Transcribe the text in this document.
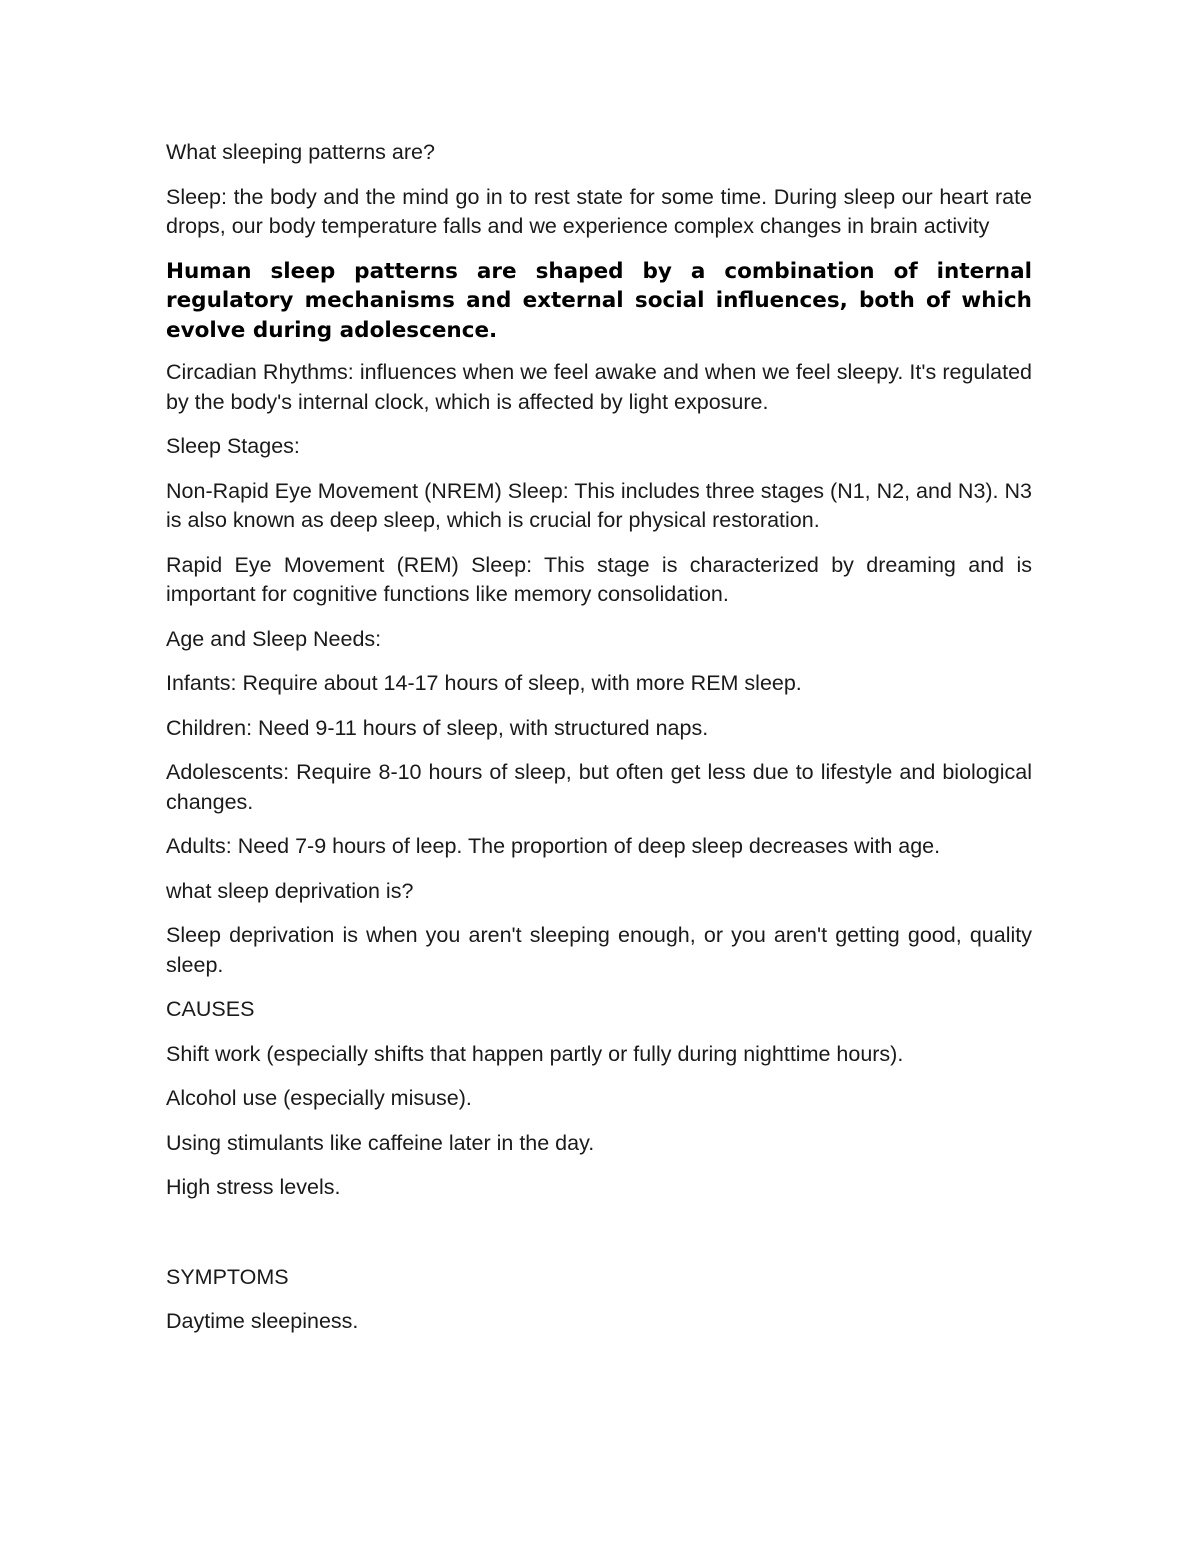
What sleeping patterns are?

Sleep: the body and the mind go in to rest state for some time. During sleep our heart rate drops, our body temperature falls and we experience complex changes in brain activity

Human sleep patterns are shaped by a combination of internal regulatory mechanisms and external social influences, both of which evolve during adolescence.

Circadian Rhythms: influences when we feel awake and when we feel sleepy. It's regulated by the body's internal clock, which is affected by light exposure.

Sleep Stages:

Non-Rapid Eye Movement (NREM) Sleep: This includes three stages (N1, N2, and N3). N3 is also known as deep sleep, which is crucial for physical restoration.

Rapid Eye Movement (REM) Sleep: This stage is characterized by dreaming and is important for cognitive functions like memory consolidation.

Age and Sleep Needs:

Infants: Require about 14-17 hours of sleep, with more REM sleep.

Children: Need 9-11 hours of sleep, with structured naps.

Adolescents: Require 8-10 hours of sleep, but often get less due to lifestyle and biological changes.

Adults: Need 7-9 hours of leep. The proportion of deep sleep decreases with age.

what sleep deprivation is?

Sleep deprivation is when you aren't sleeping enough, or you aren't getting good, quality sleep.

CAUSES

Shift work (especially shifts that happen partly or fully during nighttime hours).

Alcohol use (especially misuse).

Using stimulants like caffeine later in the day.

High stress levels.

SYMPTOMS

Daytime sleepiness.
